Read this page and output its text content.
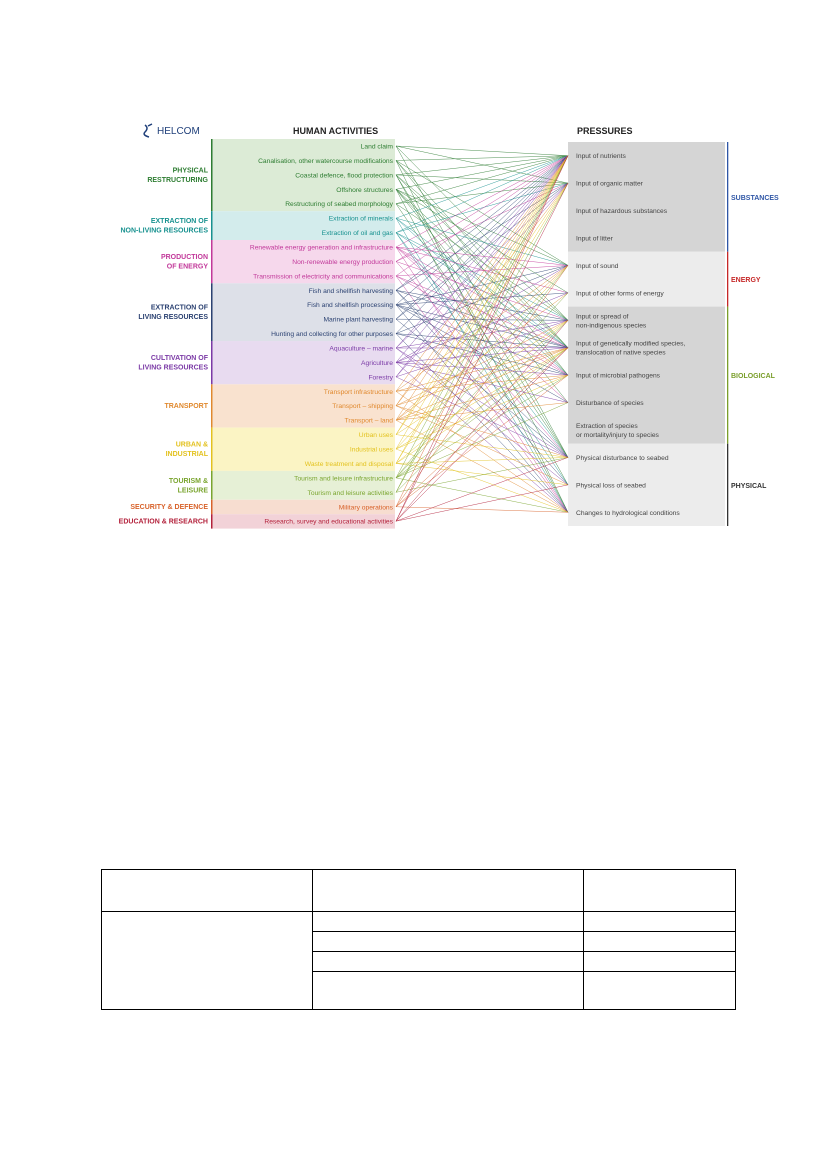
HELCOM	HUMAN ACTIVITIES	PRESSURES
PHYSICAL
RESTRUCTURING
Land claim
Canalisation, other watercourse modifications
Coastal defence, flood protection
Offshore structures
Restructuring of seabed morphology
EXTRACTION OF
NON-LIVING RESOURCES
Extraction of minerals
Extraction of oil and gas
PRODUCTION
OF ENERGY
Renewable energy generation and infrastructure
Non-renewable energy production
Transmission of electricity and communications
EXTRACTION OF
LIVING RESOURCES
Fish and shellfish harvesting
Fish and shellfish processing
Marine plant harvesting
Hunting and collecting for other purposes
CULTIVATION OF
LIVING RESOURCES
Aquaculture – marine
Agriculture
Forestry
TRANSPORT
Transport infrastructure
Transport – shipping
Transport – land
URBAN &
INDUSTRIAL
Urban uses
Industrial uses
Waste treatment and disposal
TOURISM &
LEISURE
Tourism and leisure infrastructure
Tourism and leisure activities
SECURITY & DEFENCE	Military operations
EDUCATION & RESEARCH	Research, survey and educational activities
SUBSTANCES
Input of nutrients
Input of organic matter
Input of hazardous substances
Input of litter
ENERGY
Input of sound
Input of other forms of energy
BIOLOGICAL
Input or spread of
non-indigenous species
Input of genetically modified species,
translocation of native species
Input of microbial pathogens
Disturbance of species
Extraction of species
or mortality/injury to species
PHYSICAL
Physical disturbance to seabed
Physical loss of seabed
Changes to hydrological conditions
